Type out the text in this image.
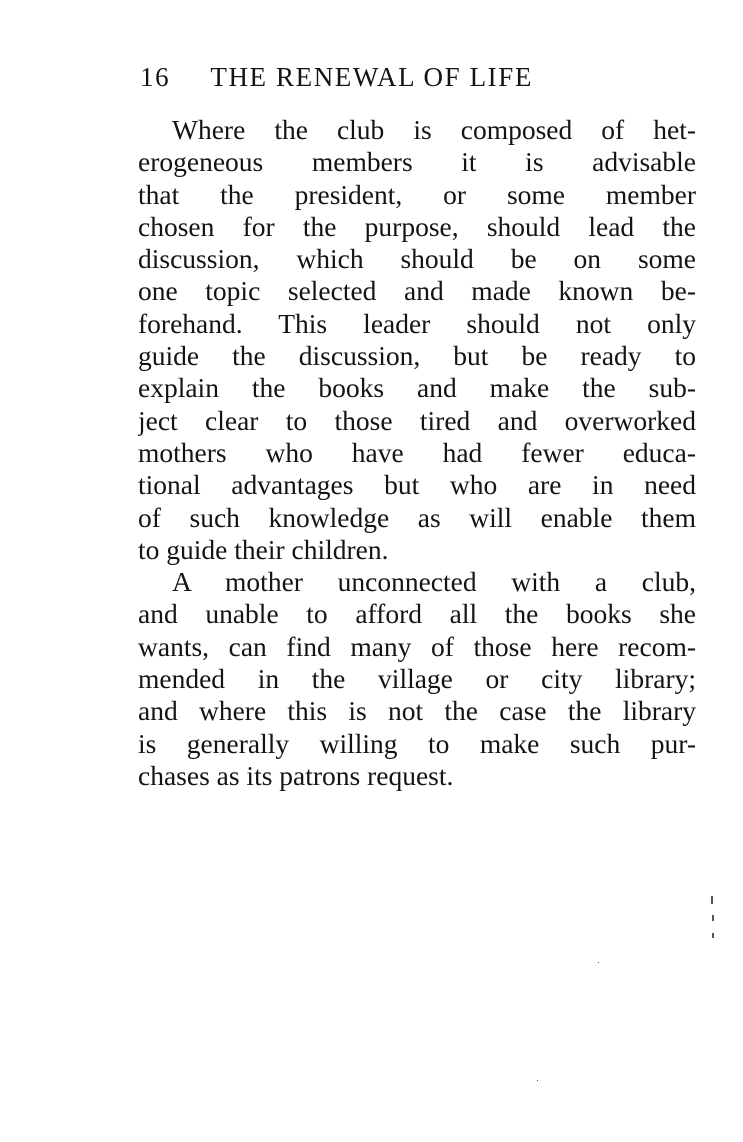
16 THE RENEWAL OF LIFE
Where the club is composed of het-
erogeneous members it is advisable
that the president, or some member
chosen for the purpose, should lead the
discussion, which should be on some
one topic selected and made known be-
forehand. This leader should not only
guide the discussion, but be ready to
explain the books and make the sub-
ject clear to those tired and overworked
mothers who have had fewer educa-
tional advantages but who are in need
of such knowledge as will enable them
to guide their children.
A mother unconnected with a club,
and unable to afford all the books she
wants, can find many of those here recom-
mended in the village or city library;
and where this is not the case the library
is generally willing to make such pur-
chases as its patrons request.
